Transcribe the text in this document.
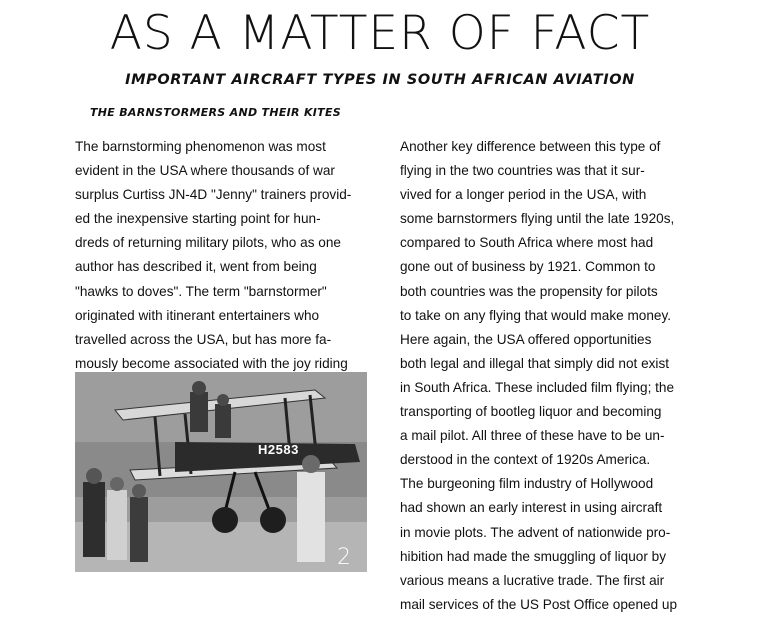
AS A MATTER OF FACT
IMPORTANT AIRCRAFT TYPES IN SOUTH AFRICAN AVIATION
THE BARNSTORMERS AND THEIR KITES

The barnstorming phenomenon was most

evident in the USA where thousands of war

surplus Curtiss JN-4D "Jenny" trainers provid-

ed the inexpensive starting point for hun-

dreds of returning military pilots, who as one

author has described it, went from being

"hawks to doves". The term "barnstormer"

originated with itinerant entertainers who

travelled across the USA, but has more fa-

mously become associated with the joy riding

H2583
2

Another key difference between this type of

flying in the two countries was that it sur-

vived for a longer period in the USA, with

some barnstormers flying until the late 1920s,

compared to South Africa where most had

gone out of business by 1921. Common to

both countries was the propensity for pilots

to take on any flying that would make money.

Here again, the USA offered opportunities

both legal and illegal that simply did not exist

in South Africa. These included film flying; the

transporting of bootleg liquor and becoming

a mail pilot. All three of these have to be un-

derstood in the context of 1920s America.

The burgeoning film industry of Hollywood

had shown an early interest in using aircraft

in movie plots. The advent of nationwide pro-

hibition had made the smuggling of liquor by

various means a lucrative trade. The first air

mail services of the US Post Office opened up
